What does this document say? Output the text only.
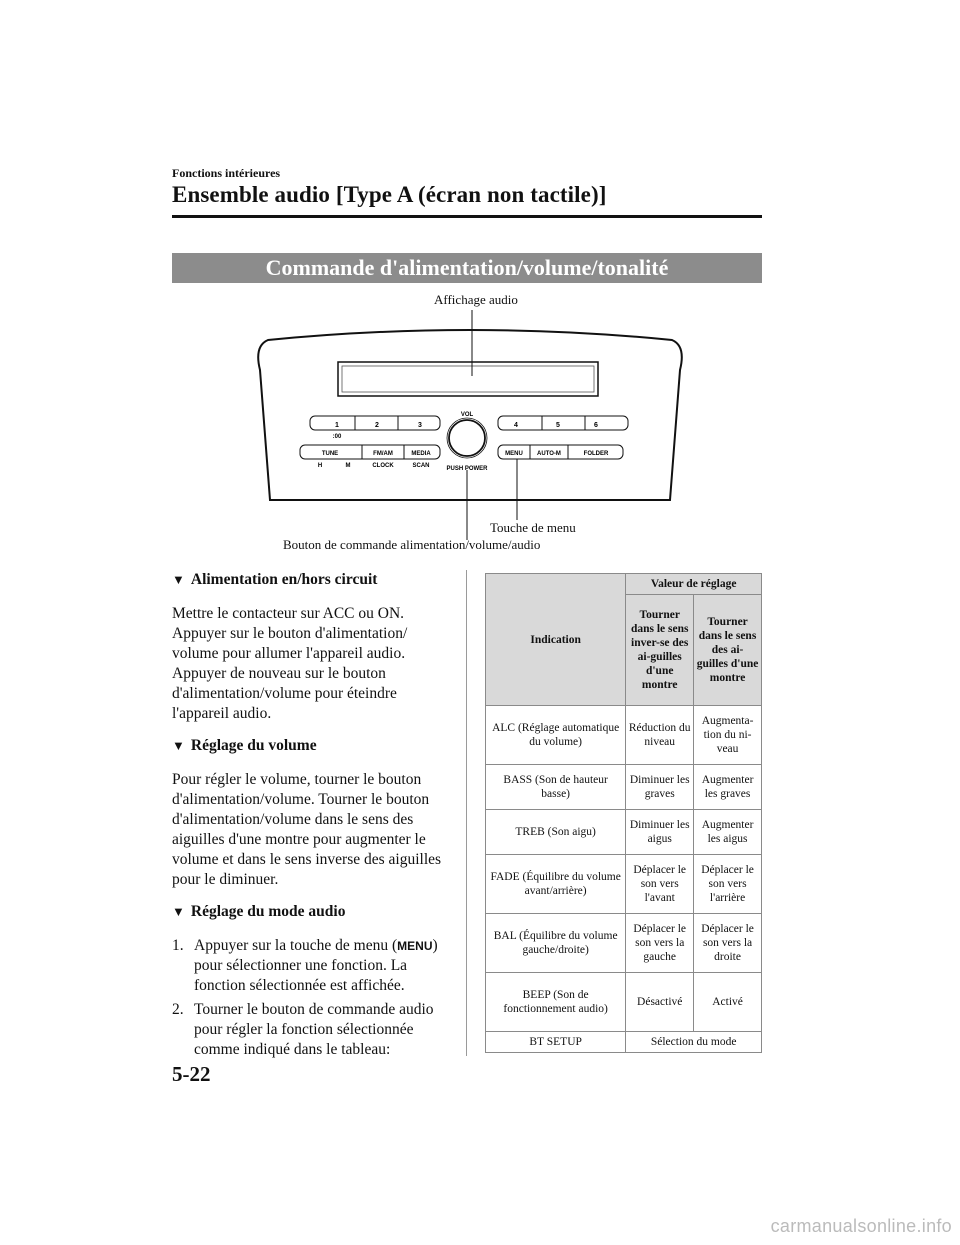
Fonctions intérieures
Ensemble audio [Type A (écran non tactile)]
Commande d'alimentation/volume/tonalité
Affichage audio
Touche de menu
Bouton de commande alimentation/volume/audio
1	2	3
:00
4	5	6
TUNE	FM/AM	MEDIA
H	M	CLOCK	SCAN
MENU AUTO-M	FOLDER
VOL
PUSH POWER
▼ Alimentation en/hors circuit

Mettre le contacteur sur ACC ou ON. Appuyer sur le bouton d'alimentation/ volume pour allumer l'appareil audio. Appuyer de nouveau sur le bouton d'alimentation/volume pour éteindre l'appareil audio.

▼ Réglage du volume

Pour régler le volume, tourner le bouton d'alimentation/volume. Tourner le bouton d'alimentation/volume dans le sens des aiguilles d'une montre pour augmenter le volume et dans le sens inverse des aiguilles pour le diminuer.

▼ Réglage du mode audio
1. Appuyer sur la touche de menu (MENU) pour sélectionner une fonction. La fonction sélectionnée est affichée.
2. Tourner le bouton de commande audio pour régler la fonction sélectionnée comme indiqué dans le tableau:
Indication	Valeur de réglage	
	Tourner dans le sens inver-se des ai-guilles d'une montre	Tourner dans le sens des ai-guilles d'une montre
ALC (Réglage automatique du volume)	Réduction du niveau	Augmenta-tion du ni-veau
BASS (Son de hauteur basse)	Diminuer les graves	Augmenter les graves
TREB (Son aigu)	Diminuer les aigus	Augmenter les aigus
FADE (Équilibre du volume avant/arrière)	Déplacer le son vers l'avant	Déplacer le son vers l'arrière
BAL (Équilibre du volume gauche/droite)	Déplacer le son vers la gauche	Déplacer le son vers la droite
BEEP (Son de fonctionnement audio)	Désactivé	Activé
BT SETUP	Sélection du mode	
5-22
carmanualsonline.info
